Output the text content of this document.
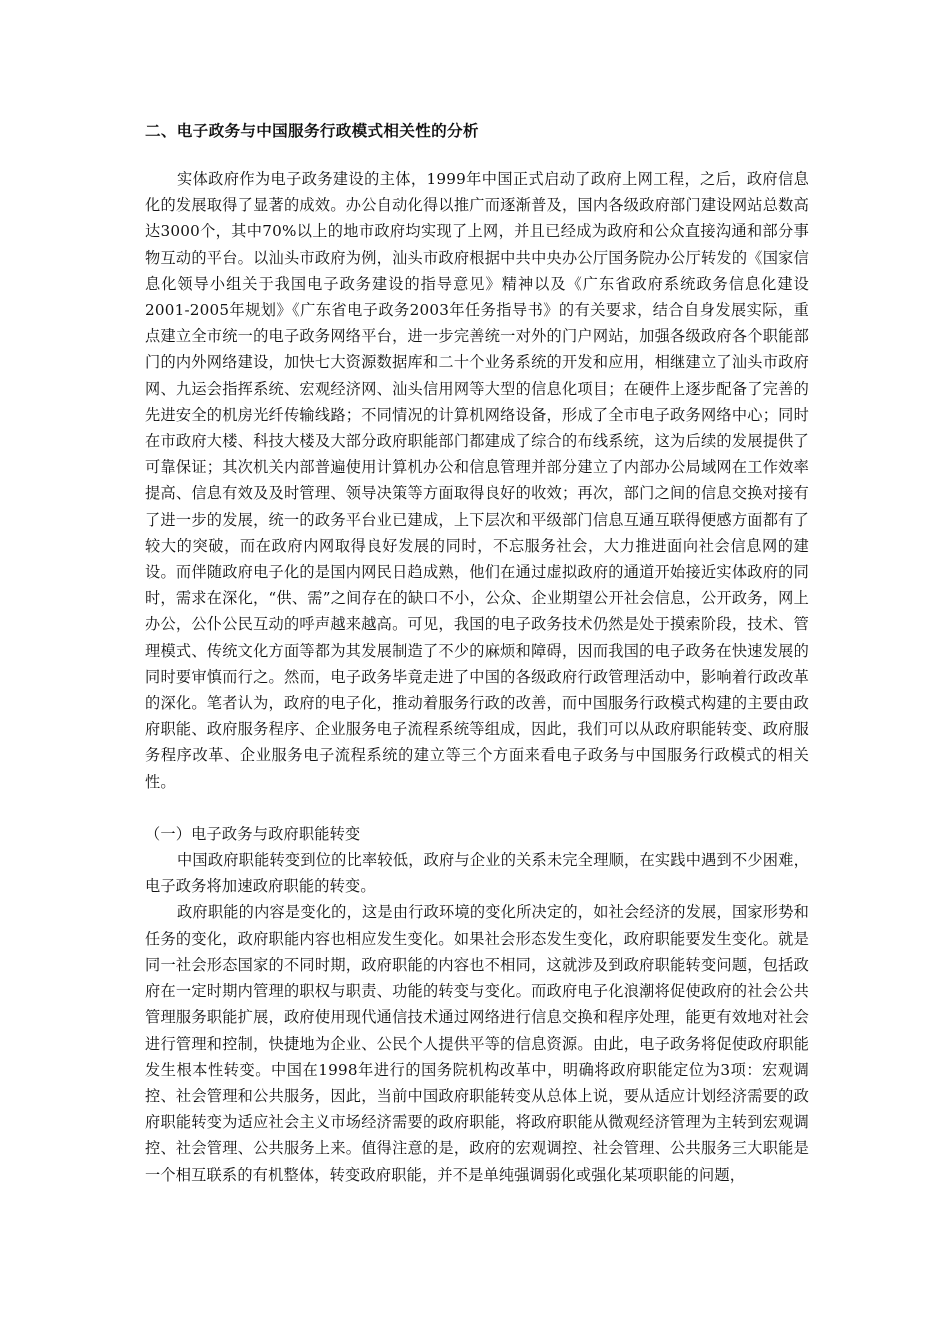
二、电子政务与中国服务行政模式相关性的分析

实体政府作为电子政务建设的主体，1999年中国正式启动了政府上网工程，之后，政府信息化的发展取得了显著的成效。办公自动化得以推广而逐渐普及，国内各级政府部门建设网站总数高达3000个，其中70%以上的地市政府均实现了上网，并且已经成为政府和公众直接沟通和部分事物互动的平台。以汕头市政府为例，汕头市政府根据中共中央办公厅国务院办公厅转发的《国家信息化领导小组关于我国电子政务建设的指导意见》精神以及《广东省政府系统政务信息化建设2001-2005年规划》《广东省电子政务2003年任务指导书》的有关要求，结合自身发展实际，重点建立全市统一的电子政务网络平台，进一步完善统一对外的门户网站，加强各级政府各个职能部门的内外网络建设，加快七大资源数据库和二十个业务系统的开发和应用，相继建立了汕头市政府网、九运会指挥系统、宏观经济网、汕头信用网等大型的信息化项目；在硬件上逐步配备了完善的先进安全的机房光纤传输线路；不同情况的计算机网络设备，形成了全市电子政务网络中心；同时在市政府大楼、科技大楼及大部分政府职能部门都建成了综合的布线系统，这为后续的发展提供了可靠保证；其次机关内部普遍使用计算机办公和信息管理并部分建立了内部办公局域网在工作效率提高、信息有效及及时管理、领导决策等方面取得良好的收效；再次，部门之间的信息交换对接有了进一步的发展，统一的政务平台业已建成，上下层次和平级部门信息互通互联得便感方面都有了较大的突破，而在政府内网取得良好发展的同时，不忘服务社会，大力推进面向社会信息网的建设。而伴随政府电子化的是国内网民日趋成熟，他们在通过虚拟政府的通道开始接近实体政府的同时，需求在深化，“供、需”之间存在的缺口不小，公众、企业期望公开社会信息，公开政务，网上办公，公仆公民互动的呼声越来越高。可见，我国的电子政务技术仍然是处于摸索阶段，技术、管理模式、传统文化方面等都为其发展制造了不少的麻烦和障碍，因而我国的电子政务在快速发展的同时要审慎而行之。然而，电子政务毕竟走进了中国的各级政府行政管理活动中，影响着行政改革的深化。笔者认为，政府的电子化，推动着服务行政的改善，而中国服务行政模式构建的主要由政府职能、政府服务程序、企业服务电子流程系统等组成，因此，我们可以从政府职能转变、政府服务程序改革、企业服务电子流程系统的建立等三个方面来看电子政务与中国服务行政模式的相关性。

（一）电子政务与政府职能转变

中国政府职能转变到位的比率较低，政府与企业的关系未完全理顺，在实践中遇到不少困难，电子政务将加速政府职能的转变。

政府职能的内容是变化的，这是由行政环境的变化所决定的，如社会经济的发展，国家形势和任务的变化，政府职能内容也相应发生变化。如果社会形态发生变化，政府职能要发生变化。就是同一社会形态国家的不同时期，政府职能的内容也不相同，这就涉及到政府职能转变问题，包括政府在一定时期内管理的职权与职责、功能的转变与变化。而政府电子化浪潮将促使政府的社会公共管理服务职能扩展，政府使用现代通信技术通过网络进行信息交换和程序处理，能更有效地对社会进行管理和控制，快捷地为企业、公民个人提供平等的信息资源。由此，电子政务将促使政府职能发生根本性转变。中国在1998年进行的国务院机构改革中，明确将政府职能定位为3项：宏观调控、社会管理和公共服务，因此，当前中国政府职能转变从总体上说，要从适应计划经济需要的政府职能转变为适应社会主义市场经济需要的政府职能，将政府职能从微观经济管理为主转到宏观调控、社会管理、公共服务上来。值得注意的是，政府的宏观调控、社会管理、公共服务三大职能是一个相互联系的有机整体，转变政府职能，并不是单纯强调弱化或强化某项职能的问题，
